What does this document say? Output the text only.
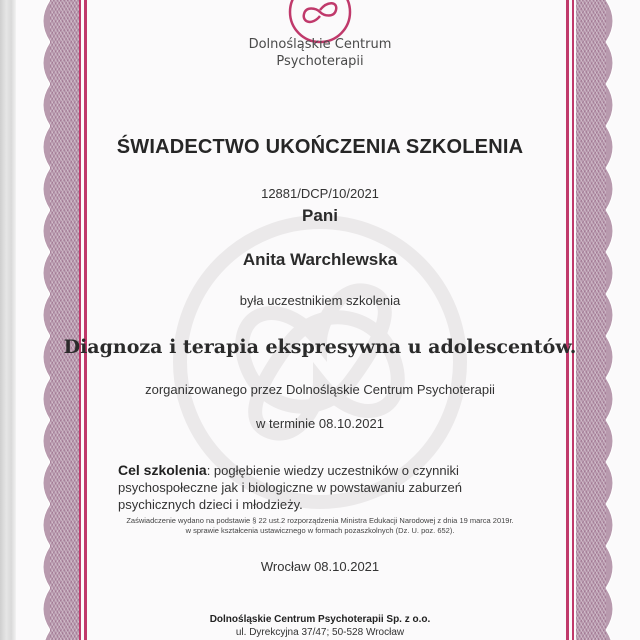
Dolnośląskie Centrum
Psychoterapii
ŚWIADECTWO UKOŃCZENIA SZKOLENIA
12881/DCP/10/2021
Pani
Anita Warchlewska
była uczestnikiem szkolenia
Diagnoza i terapia ekspresywna u adolescentów.
zorganizowanego przez Dolnośląskie Centrum Psychoterapii
w terminie 08.10.2021
Cel szkolenia: pogłębienie wiedzy uczestników o czynniki psychospołeczne jak i biologiczne w powstawaniu zaburzeń psychicznych dzieci i młodzieży.
Zaświadczenie wydano na podstawie § 22 ust.2 rozporządzenia Ministra Edukacji Narodowej z dnia 19 marca 2019r.
w sprawie kształcenia ustawicznego w formach pozaszkolnych (Dz. U. poz. 652).
Wrocław 08.10.2021
Dolnośląskie Centrum Psychoterapii Sp. z o.o.
ul. Dyrekcyjna 37/47; 50-528 Wrocław
